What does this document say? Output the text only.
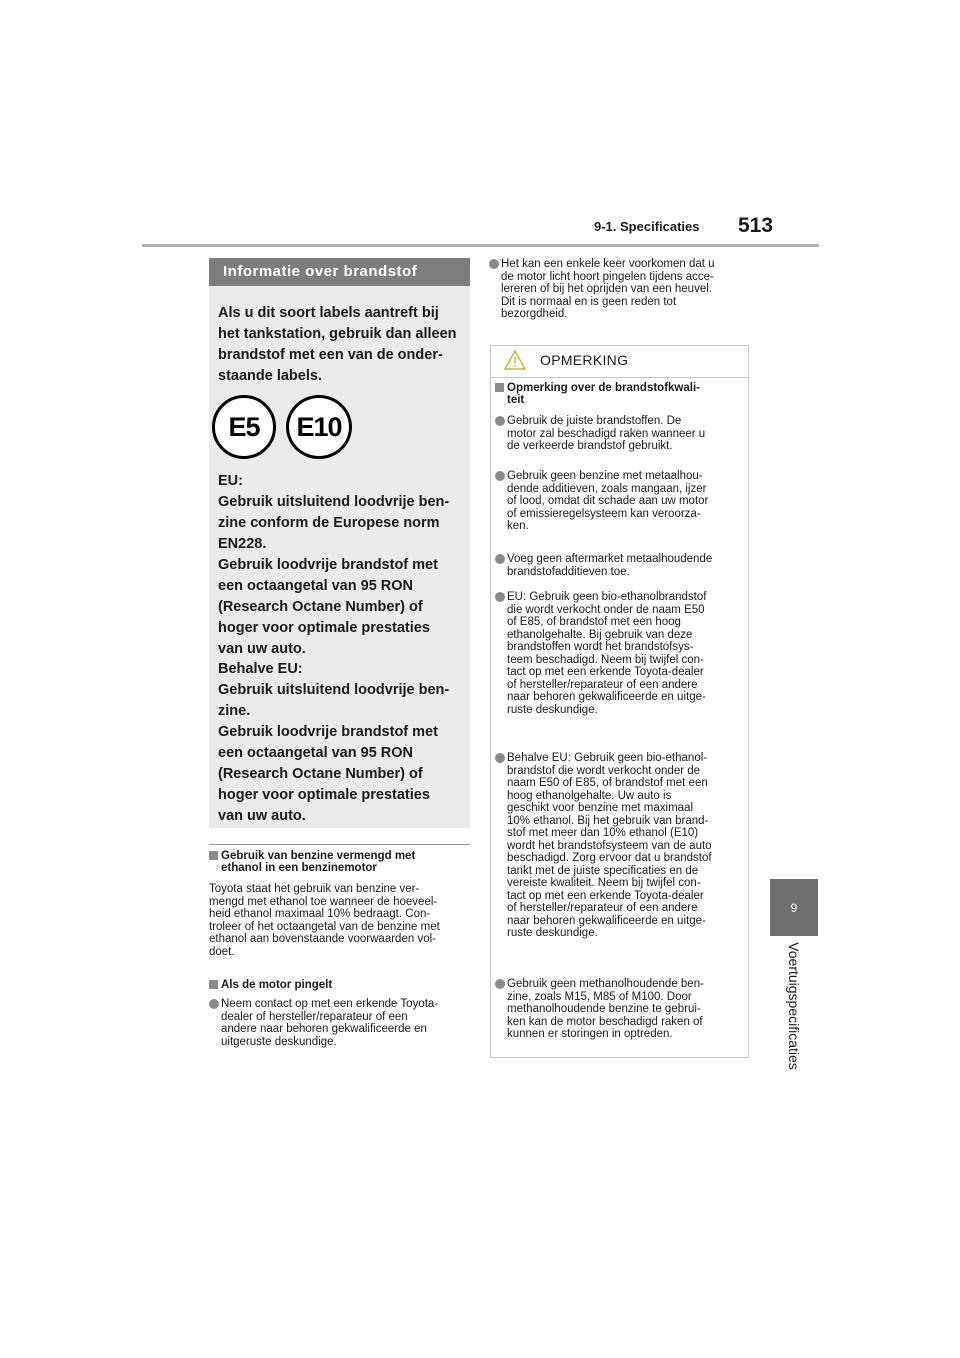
9-1. Specificaties 513
9
Voertuigspecificaties
Informatie over brandstof

Als u dit soort labels aantreft bij

het tankstation, gebruik dan alleen

brandstof met een van de onder-

staande labels.

E5	E10

EU:

Gebruik uitsluitend loodvrije ben-

zine conform de Europese norm

EN228.

Gebruik loodvrije brandstof met

een octaangetal van 95 RON

(Research Octane Number) of

hoger voor optimale prestaties

van uw auto.

Behalve EU:

Gebruik uitsluitend loodvrije ben-

zine.

Gebruik loodvrije brandstof met

een octaangetal van 95 RON

(Research Octane Number) of

hoger voor optimale prestaties

van uw auto.

Gebruik van benzine vermengd met
ethanol in een benzinemotor
Toyota staat het gebruik van benzine ver-
mengd met ethanol toe wanneer de hoeveel-
heid ethanol maximaal 10% bedraagt. Con-
troleer of het octaangetal van de benzine met
ethanol aan bovenstaande voorwaarden vol-
doet.
Als de motor pingelt
Neem contact op met een erkende Toyota-
dealer of hersteller/reparateur of een
andere naar behoren gekwalificeerde en
uitgeruste deskundige.
Het kan een enkele keer voorkomen dat u
de motor licht hoort pingelen tijdens acce-
lereren of bij het oprijden van een heuvel.
Dit is normaal en is geen reden tot
bezorgdheid.
OPMERKING
Opmerking over de brandstofkwali-
teit
Gebruik de juiste brandstoffen. De
motor zal beschadigd raken wanneer u
de verkeerde brandstof gebruikt.
Gebruik geen benzine met metaalhou-
dende additieven, zoals mangaan, ijzer
of lood, omdat dit schade aan uw motor
of emissieregelsysteem kan veroorza-
ken.
Voeg geen aftermarket metaalhoudende
brandstofadditieven toe.
EU: Gebruik geen bio-ethanolbrandstof
die wordt verkocht onder de naam E50
of E85, of brandstof met een hoog
ethanolgehalte. Bij gebruik van deze
brandstoffen wordt het brandstofsys-
teem beschadigd. Neem bij twijfel con-
tact op met een erkende Toyota-dealer
of hersteller/reparateur of een andere
naar behoren gekwalificeerde en uitge-
ruste deskundige.
Behalve EU: Gebruik geen bio-ethanol-
brandstof die wordt verkocht onder de
naam E50 of E85, of brandstof met een
hoog ethanolgehalte. Uw auto is
geschikt voor benzine met maximaal
10% ethanol. Bij het gebruik van brand-
stof met meer dan 10% ethanol (E10)
wordt het brandstofsysteem van de auto
beschadigd. Zorg ervoor dat u brandstof
tankt met de juiste specificaties en de
vereiste kwaliteit. Neem bij twijfel con-
tact op met een erkende Toyota-dealer
of hersteller/reparateur of een andere
naar behoren gekwalificeerde en uitge-
ruste deskundige.
Gebruik geen methanolhoudende ben-
zine, zoals M15, M85 of M100. Door
methanolhoudende benzine te gebrui-
ken kan de motor beschadigd raken of
kunnen er storingen in optreden.
